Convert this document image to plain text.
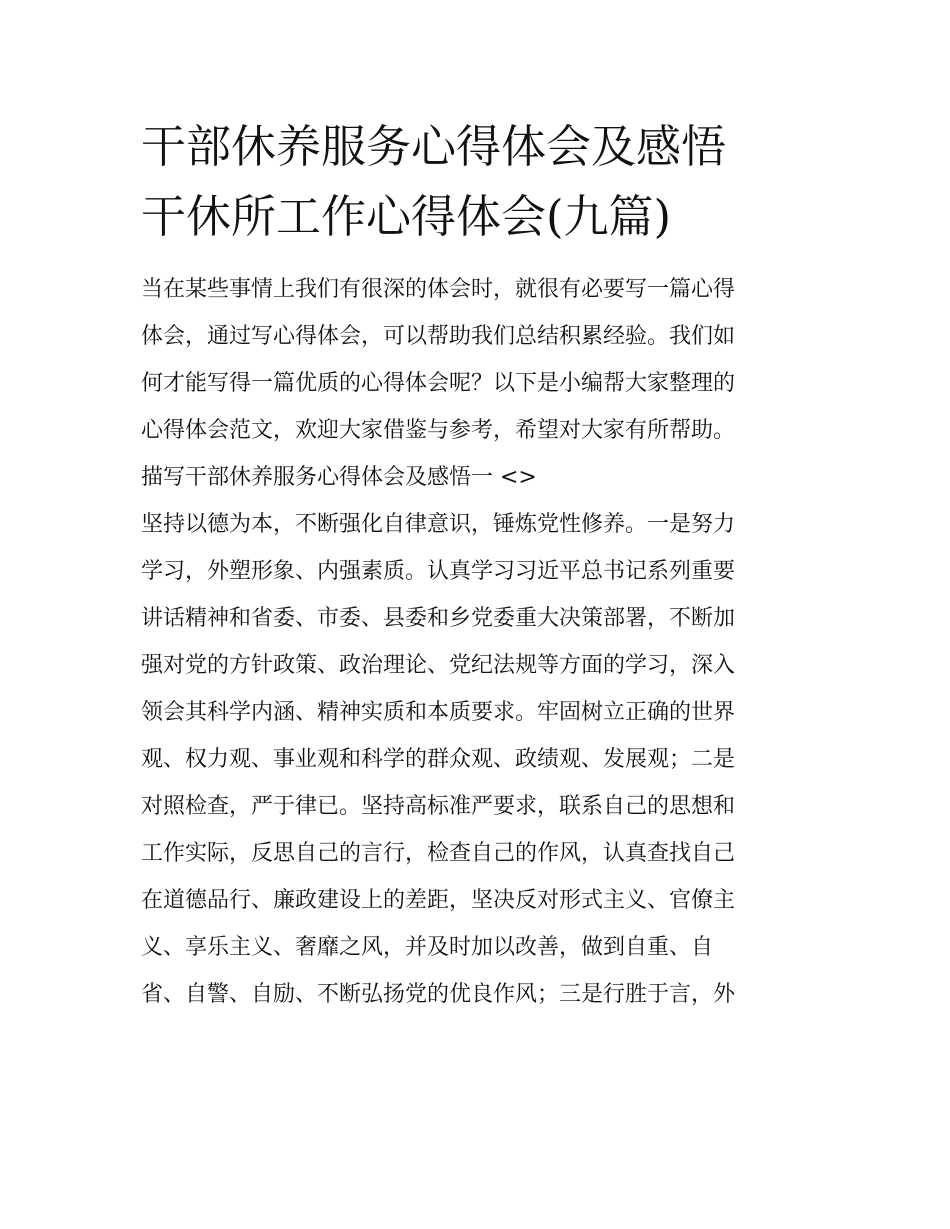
干部休养服务心得体会及感悟
干休所工作心得体会(九篇)
当在某些事情上我们有很深的体会时，就很有必要写一篇心得
体会，通过写心得体会，可以帮助我们总结积累经验。我们如
何才能写得一篇优质的心得体会呢？以下是小编帮大家整理的
心得体会范文，欢迎大家借鉴与参考，希望对大家有所帮助。
描写干部休养服务心得体会及感悟一 <>
坚持以德为本，不断强化自律意识，锤炼党性修养。一是努力
学习，外塑形象、内强素质。认真学习习近平总书记系列重要
讲话精神和省委、市委、县委和乡党委重大决策部署，不断加
强对党的方针政策、政治理论、党纪法规等方面的学习，深入
领会其科学内涵、精神实质和本质要求。牢固树立正确的世界
观、权力观、事业观和科学的群众观、政绩观、发展观；二是
对照检查，严于律已。坚持高标准严要求，联系自己的思想和
工作实际，反思自己的言行，检查自己的作风，认真查找自己
在道德品行、廉政建设上的差距，坚决反对形式主义、官僚主
义、享乐主义、奢靡之风，并及时加以改善，做到自重、自
省、自警、自励、不断弘扬党的优良作风；三是行胜于言，外
